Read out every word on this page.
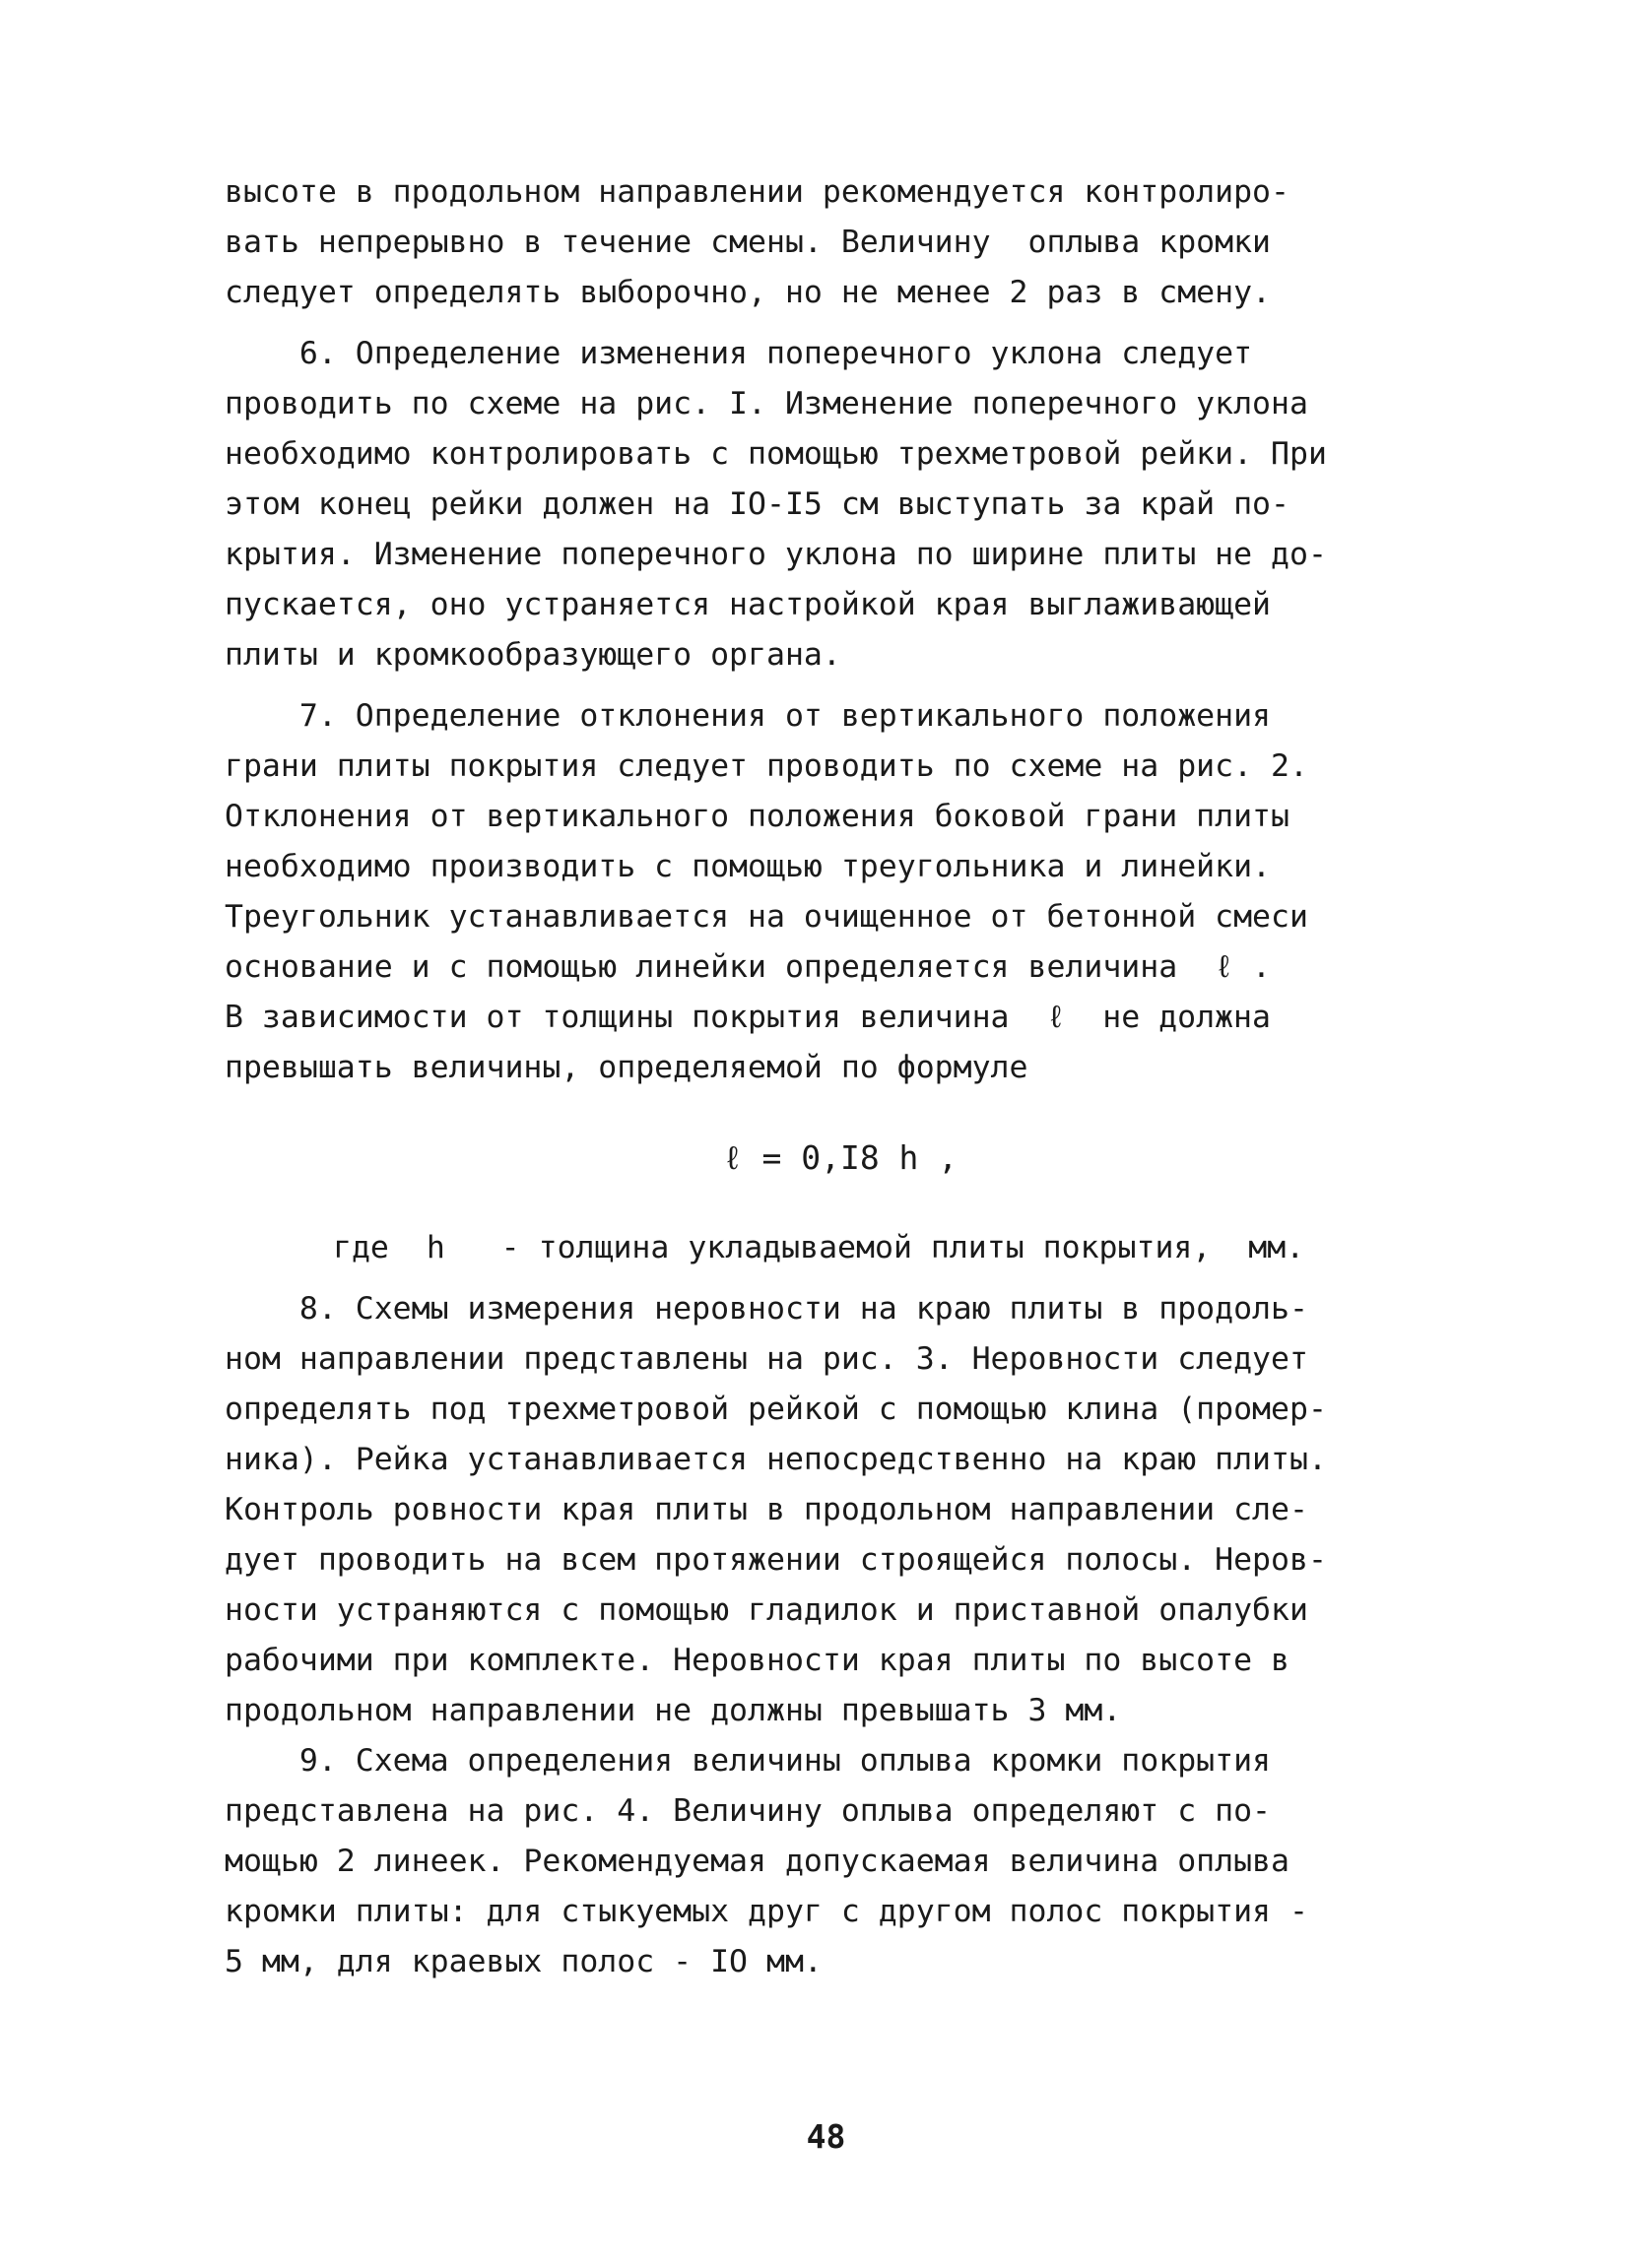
высоте в продольном направлении рекомендуется контролиро-
вать непрерывно в течение смены. Величину  оплыва кромки
следует определять выборочно, но не менее 2 раз в смену.
6. Определение изменения поперечного уклона следует
проводить по схеме на рис. I. Изменение поперечного уклона
необходимо контролировать с помощью трехметровой рейки. При
этом конец рейки должен на IO-I5 см выступать за край по-
крытия. Изменение поперечного уклона по ширине плиты не до-
пускается, оно устраняется настройкой края выглаживающей
плиты и кромкообразующего органа.
7. Определение отклонения от вертикального положения
грани плиты покрытия следует проводить по схеме на рис. 2.
Отклонения от вертикального положения боковой грани плиты
необходимо производить с помощью треугольника и линейки.
Треугольник устанавливается на очищенное от бетонной смеси
основание и с помощью линейки определяется величина  ℓ .
В зависимости от толщины покрытия величина  ℓ  не должна
превышать величины, определяемой по формуле
ℓ = 0,I8 h ,
где  h   - толщина укладываемой плиты покрытия,  мм.
8. Схемы измерения неровности на краю плиты в продоль-
ном направлении представлены на рис. 3. Неровности следует
определять под трехметровой рейкой с помощью клина (промер-
ника). Рейка устанавливается непосредственно на краю плиты.
Контроль ровности края плиты в продольном направлении сле-
дует проводить на всем протяжении строящейся полосы. Неров-
ности устраняются с помощью гладилок и приставной опалубки
рабочими при комплекте. Неровности края плиты по высоте в
продольном направлении не должны превышать 3 мм.
9. Схема определения величины оплыва кромки покрытия
представлена на рис. 4. Величину оплыва определяют с по-
мощью 2 линеек. Рекомендуемая допускаемая величина оплыва
кромки плиты: для стыкуемых друг с другом полос покрытия -
5 мм, для краевых полос - IO мм.
48
